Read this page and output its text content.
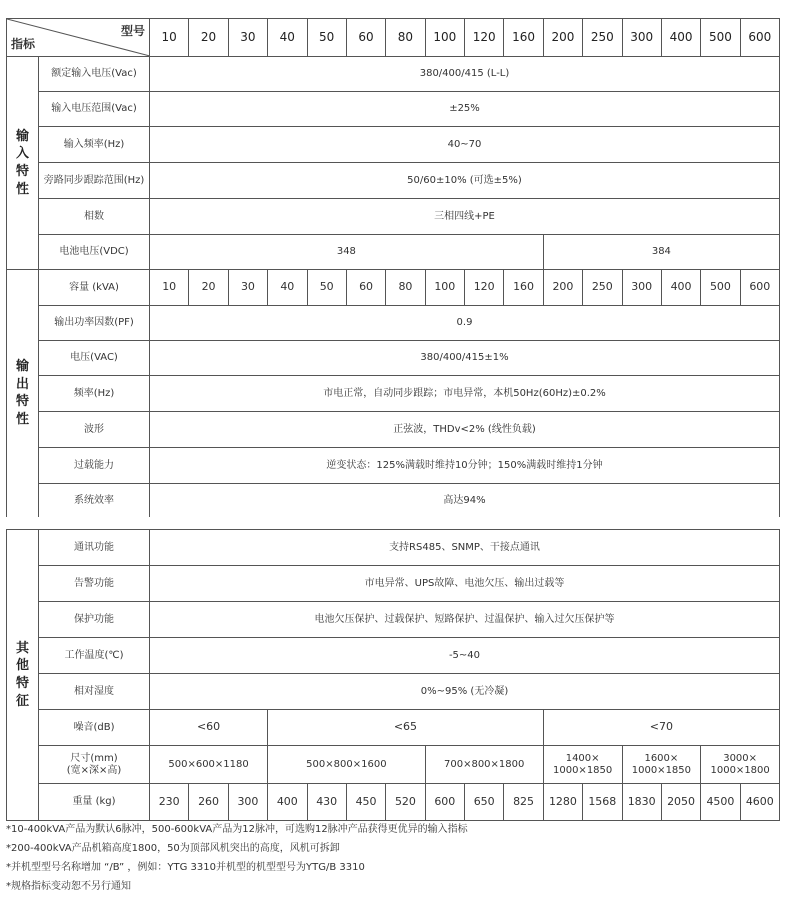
型号
指标		10	20	30	40	50	60	80	100	120	160	200	250	300	400	500	600
输
入
特
性	额定输入电压(Vac)	380/400/415 (L-L)															
	输入电压范围(Vac)	±25%															
	输入频率(Hz)	40~70															
	旁路同步跟踪范围(Hz)	50/60±10% (可选±5%)															
	相数	三相四线+PE															
	电池电压(VDC)	348										384					
输
出
特
性	容量 (kVA)	10	20	30	40	50	60	80	100	120	160	200	250	300	400	500	600
	输出功率因数(PF)	0.9															
	电压(VAC)	380/400/415±1%															
	频率(Hz)	市电正常，自动同步跟踪；市电异常，本机50Hz(60Hz)±0.2%															
	波形	正弦波，THDv<2% (线性负载)															
	过载能力	逆变状态：125%满载时维持10分钟；150%满载时维持1分钟															
	系统效率	高达94%															
其
他
特
征	通讯功能	支持RS485、SNMP、干接点通讯															
	告警功能	市电异常、UPS故障、电池欠压、输出过载等															
	保护功能	电池欠压保护、过载保护、短路保护、过温保护、输入过欠压保护等															
	工作温度(℃)	-5~40															
	相对湿度	0%~95% (无冷凝)															
	噪音(dB)	<60			<65							<70					
	尺寸(mm)
(宽×深×高)	500×600×1180			500×800×1600				700×800×1800			1400×
1000×1850		1600×
1000×1850		3000×
1000×1800	
	重量 (kg)	230	260	300	400	430	450	520	600	650	825	1280	1568	1830	2050	4500	4600
*10-400kVA产品为默认6脉冲，500-600kVA产品为12脉冲，可选购12脉冲产品获得更优异的输入指标
*200-400kVA产品机箱高度1800，50为顶部风机突出的高度，风机可拆卸
*并机型型号名称增加 “/B” ，例如：YTG 3310并机型的机型型号为YTG/B 3310
*规格指标变动恕不另行通知
